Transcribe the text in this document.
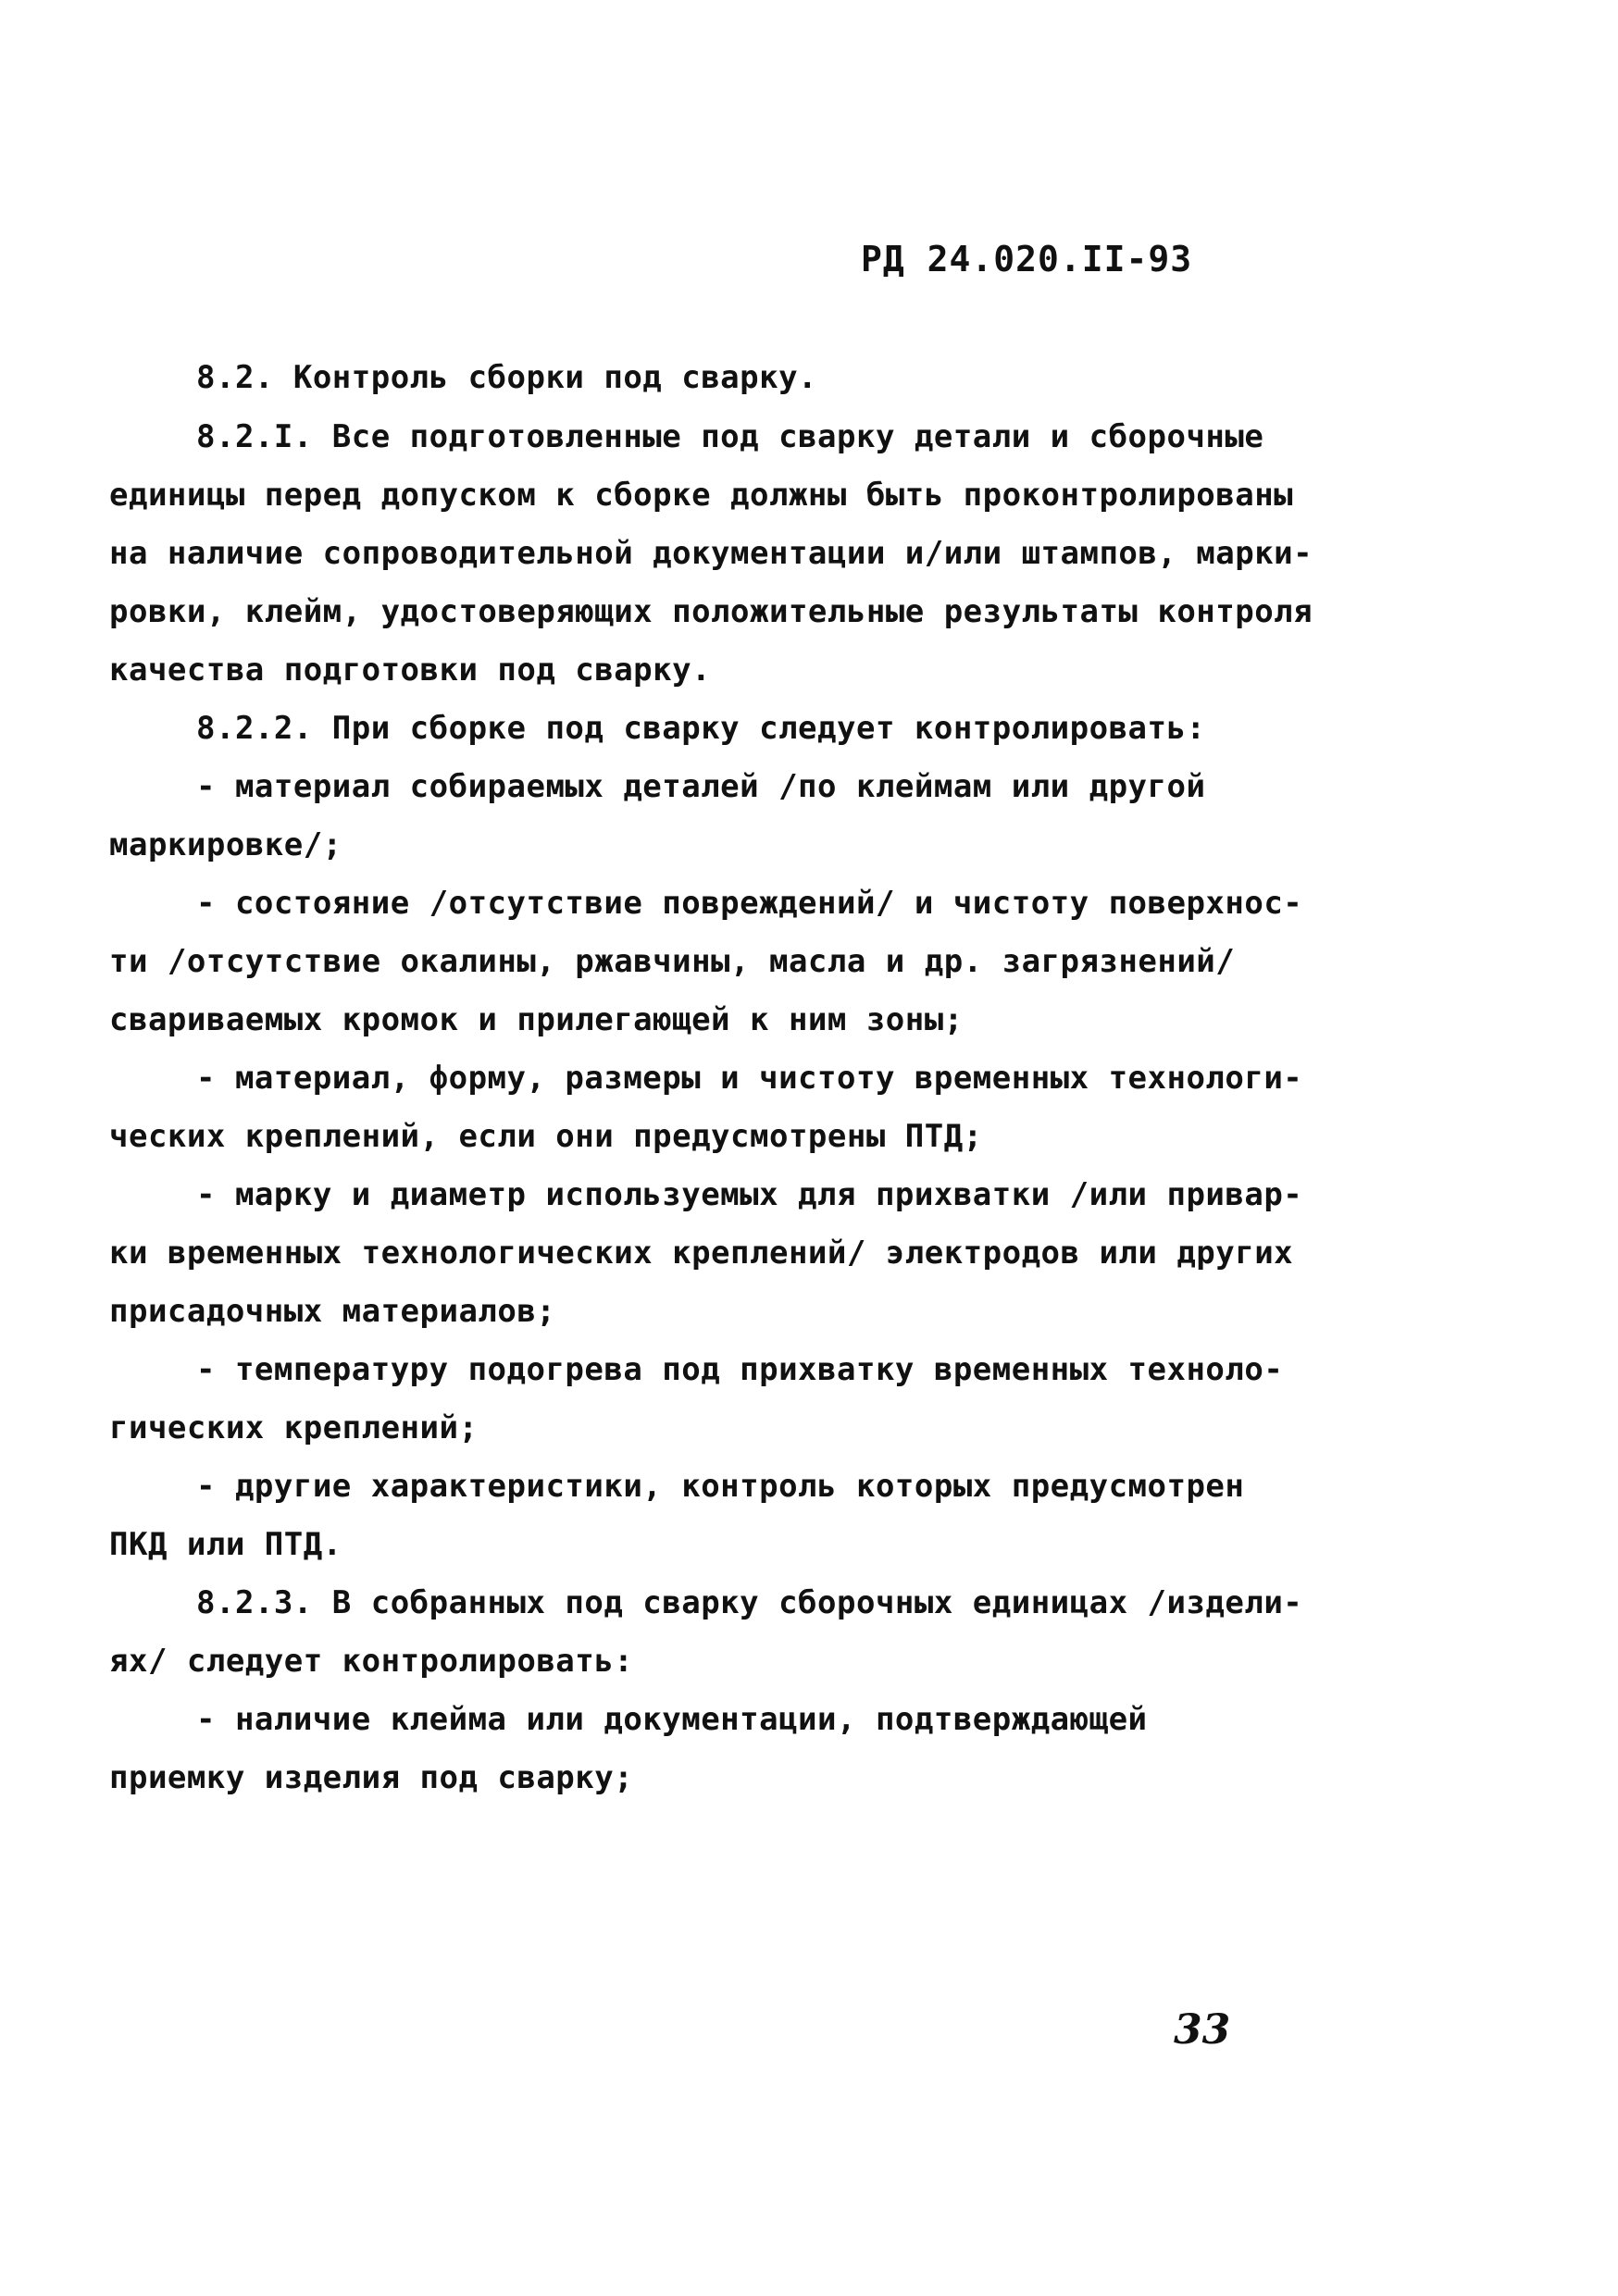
РД 24.020.II-93
8.2. Контроль сборки под сварку.
8.2.I. Все подготовленные под сварку детали и сборочные
единицы перед допуском к сборке должны быть проконтролированы
на наличие сопроводительной документации и/или штампов, марки-
ровки, клейм, удостоверяющих положительные результаты контроля
качества подготовки под сварку.
8.2.2. При сборке под сварку следует контролировать:
- материал собираемых деталей /по клеймам или другой
маркировке/;
- состояние /отсутствие повреждений/ и чистоту поверхнос-
ти /отсутствие окалины, ржавчины, масла и др. загрязнений/
свариваемых кромок и прилегающей к ним зоны;
- материал, форму, размеры и чистоту временных технологи-
ческих креплений, если они предусмотрены ПТД;
- марку и диаметр используемых для прихватки /или привар-
ки временных технологических креплений/ электродов или других
присадочных материалов;
- температуру подогрева под прихватку временных техноло-
гических креплений;
- другие характеристики, контроль которых предусмотрен
ПКД или ПТД.
8.2.3. В собранных под сварку сборочных единицах /издели-
ях/ следует контролировать:
- наличие клейма или документации, подтверждающей
приемку изделия под сварку;
33
